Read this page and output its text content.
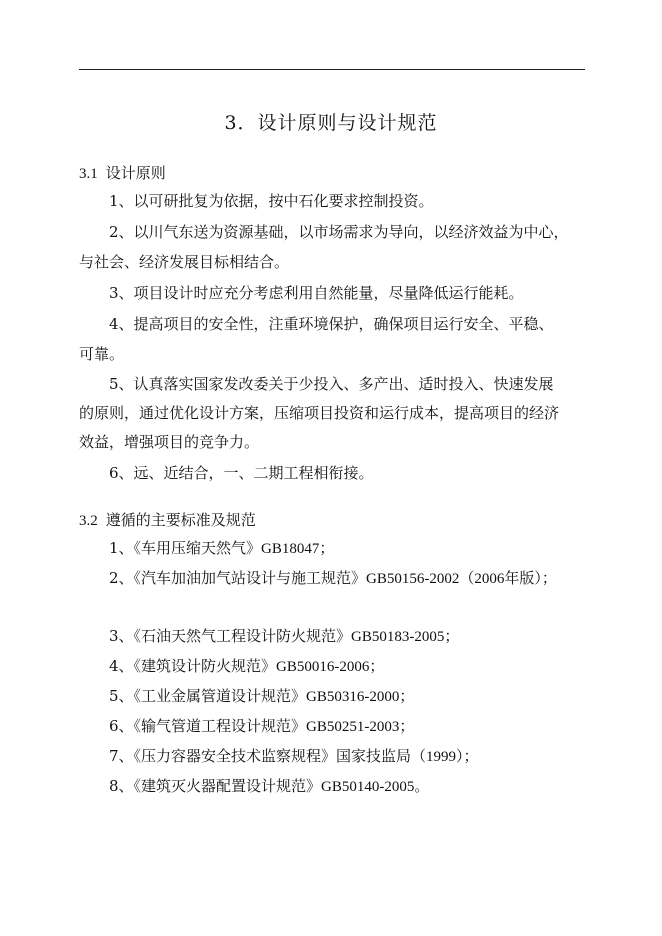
3．设计原则与设计规范
3.1 设计原则
1、以可研批复为依据，按中石化要求控制投资。
2、以川气东送为资源基础，以市场需求为导向，以经济效益为中心，
与社会、经济发展目标相结合。
3、项目设计时应充分考虑利用自然能量，尽量降低运行能耗。
4、提高项目的安全性，注重环境保护，确保项目运行安全、平稳、
可靠。
5、认真落实国家发改委关于少投入、多产出、适时投入、快速发展
的原则，通过优化设计方案，压缩项目投资和运行成本，提高项目的经济
效益，增强项目的竞争力。
6、远、近结合，一、二期工程相衔接。
3.2 遵循的主要标准及规范
1、《车用压缩天然气》GB18047；
2、《汽车加油加气站设计与施工规范》GB50156-2002（2006年版）；
3、《石油天然气工程设计防火规范》GB50183-2005；
4、《建筑设计防火规范》GB50016-2006；
5、《工业金属管道设计规范》GB50316-2000；
6、《输气管道工程设计规范》GB50251-2003；
7、《压力容器安全技术监察规程》国家技监局（1999）；
8、《建筑灭火器配置设计规范》GB50140-2005。
